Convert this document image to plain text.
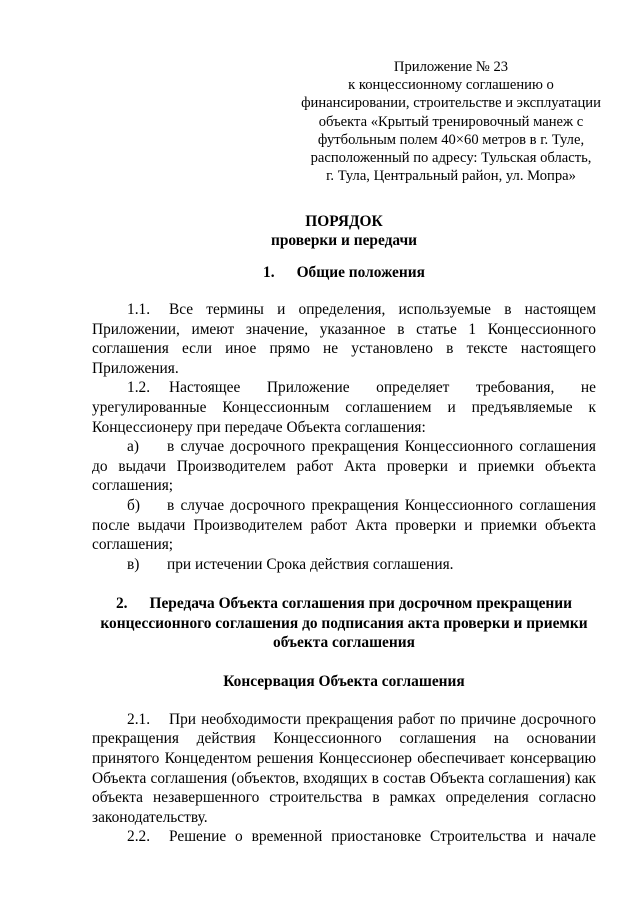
Приложение № 23
к концессионному соглашению о
финансировании, строительстве и эксплуатации
объекта «Крытый тренировочный манеж с
футбольным полем 40×60 метров в г. Туле,
расположенный по адресу: Тульская область,
г. Тула, Центральный район, ул. Мопра»

ПОРЯДОК

проверки и передачи

1. Общие положения

1.1. Все термины и определения, используемые в настоящем Приложении, имеют значение, указанное в статье 1 Концессионного соглашения если иное прямо не установлено в тексте настоящего Приложения.

1.2. Настоящее Приложение определяет требования, не урегулированные Концессионным соглашением и предъявляемые к Концессионеру при передаче Объекта соглашения:

а) в случае досрочного прекращения Концессионного соглашения до выдачи Производителем работ Акта проверки и приемки объекта соглашения;

б) в случае досрочного прекращения Концессионного соглашения после выдачи Производителем работ Акта проверки и приемки объекта соглашения;

в) при истечении Срока действия соглашения.

2. Передача Объекта соглашения при досрочном прекращении
концессионного соглашения до подписания акта проверки и приемки
объекта соглашения

Консервация Объекта соглашения

2.1. При необходимости прекращения работ по причине досрочного прекращения действия Концессионного соглашения на основании принятого Концедентом решения Концессионер обеспечивает консервацию Объекта соглашения (объектов, входящих в состав Объекта соглашения) как объекта незавершенного строительства в рамках определения согласно законодательству.

2.2. Решение о временной приостановке Строительства и начале
